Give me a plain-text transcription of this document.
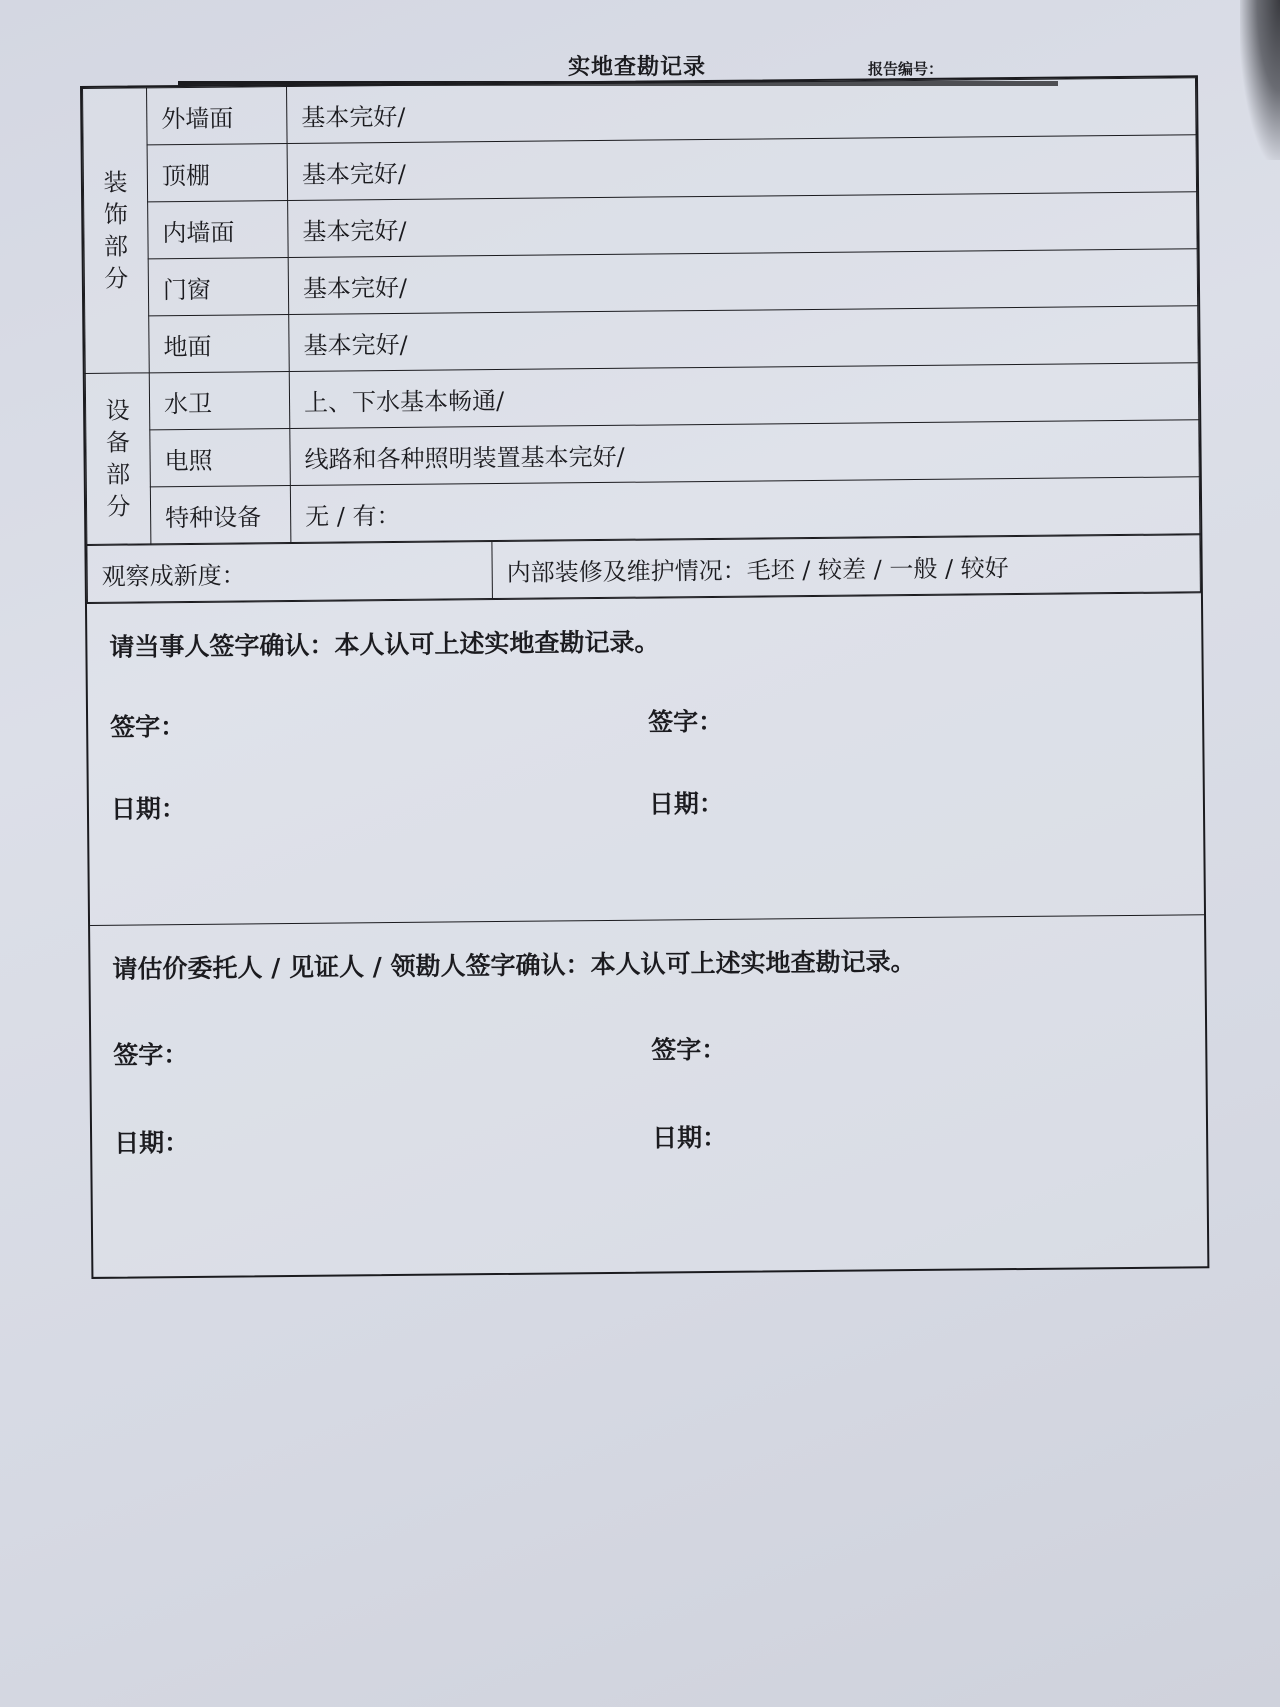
实地查勘记录	报告编号：
装
饰
部
分	外墙面	基本完好/
	顶棚	基本完好/
	内墙面	基本完好/
	门窗	基本完好/
	地面	基本完好/

设
备
部
分	水卫	上、下水基本畅通/
	电照	线路和各种照明装置基本完好/
	特种设备	无 / 有：
观察成新度：	内部装修及维护情况：毛坯 / 较差 / 一般 / 较好
请当事人签字确认：本人认可上述实地查勘记录。
签字：	签字：
日期：	日期：
请估价委托人 / 见证人 / 领勘人签字确认：本人认可上述实地查勘记录。
签字：	签字：
日期：	日期：
